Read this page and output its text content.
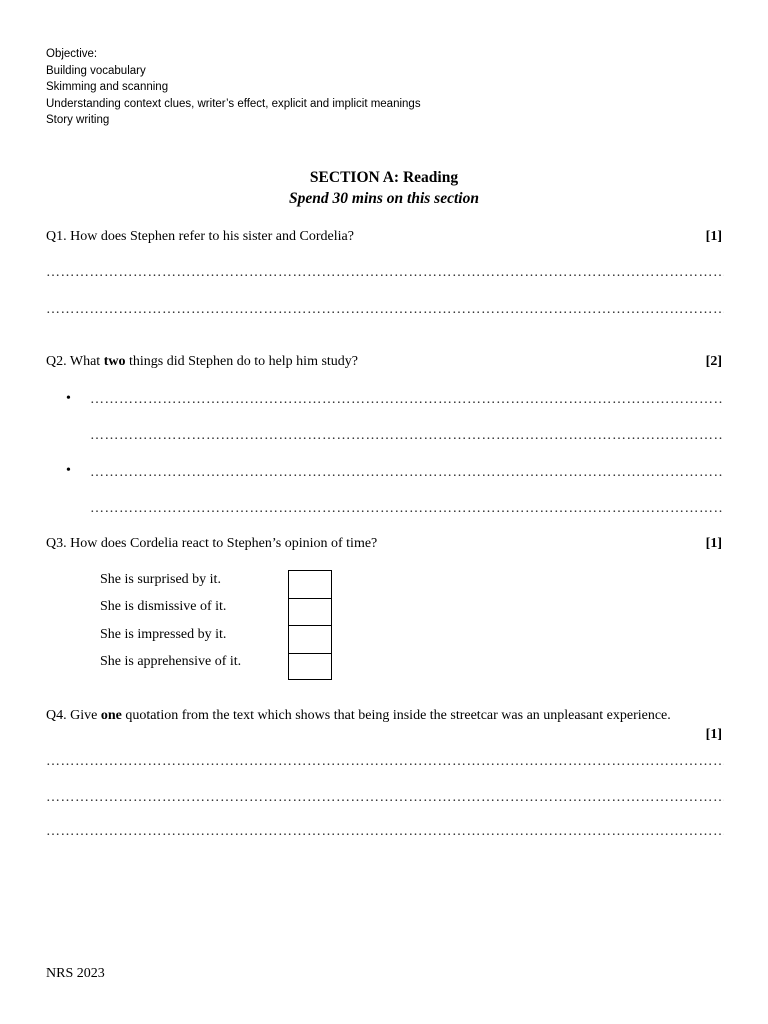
Objective:
Building vocabulary
Skimming and scanning
Understanding context clues, writer’s effect, explicit and implicit meanings
Story writing
SECTION A: Reading
Spend 30 mins on this section
Q1. How does Stephen refer to his sister and Cordelia?	[1]
………………………………………………………………………………………………………………………………………………
………………………………………………………………………………………………………………………………………………
Q2. What two things did Stephen do to help him study?	[2]
•
………………………………………………………………………………………………………………………………………………
………………………………………………………………………………………………………………………………………………
•
………………………………………………………………………………………………………………………………………………
………………………………………………………………………………………………………………………………………………
Q3. How does Cordelia react to Stephen’s opinion of time?	[1]
She is surprised by it.
She is dismissive of it.
She is impressed by it.
She is apprehensive of it.
Q4. Give one quotation from the text which shows that being inside the streetcar was an unpleasant experience.
[1]
………………………………………………………………………………………………………………………………………………
………………………………………………………………………………………………………………………………………………
………………………………………………………………………………………………………………………………………………
NRS 2023
